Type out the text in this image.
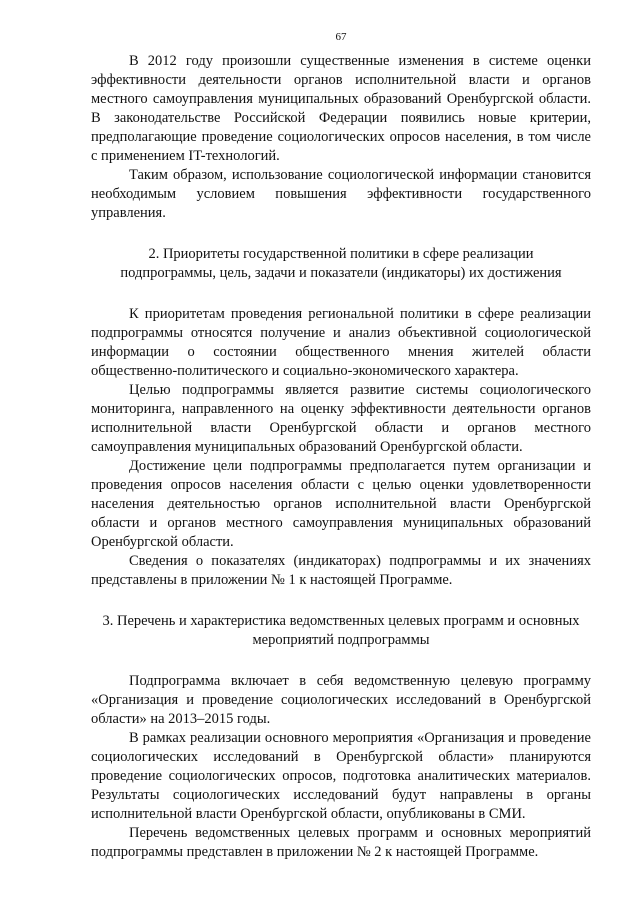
67

В 2012 году произошли существенные изменения в системе оценки эффективности деятельности органов исполнительной власти и органов местного самоуправления муниципальных образований Оренбургской области. В законодательстве Российской Федерации появились новые критерии, предполагающие проведение социологических опросов населения, в том числе с применением IT-технологий.

Таким образом, использование социологической информации становится необходимым условием повышения эффективности государственного управления.

2. Приоритеты государственной политики в сфере реализации подпрограммы, цель, задачи и показатели (индикаторы) их достижения

К приоритетам проведения региональной политики в сфере реализации подпрограммы относятся получение и анализ объективной социологической информации о состоянии общественного мнения жителей области общественно-политического и социально-экономического характера.

Целью подпрограммы является развитие системы социологического мониторинга, направленного на оценку эффективности деятельности органов исполнительной власти Оренбургской области и органов местного самоуправления муниципальных образований Оренбургской области.

Достижение цели подпрограммы предполагается путем организации и проведения опросов населения области с целью оценки удовлетворенности населения деятельностью органов исполнительной власти Оренбургской области и органов местного самоуправления муниципальных образований Оренбургской области.

Сведения о показателях (индикаторах) подпрограммы и их значениях представлены в приложении № 1 к настоящей Программе.

3. Перечень и характеристика ведомственных целевых программ и основных мероприятий подпрограммы

Подпрограмма включает в себя ведомственную целевую программу «Организация и проведение социологических исследований в Оренбургской области» на 2013–2015 годы.

В рамках реализации основного мероприятия «Организация и проведение социологических исследований в Оренбургской области» планируются проведение социологических опросов, подготовка аналитических материалов. Результаты социологических исследований будут направлены в органы исполнительной власти Оренбургской области, опубликованы в СМИ.

Перечень ведомственных целевых программ и основных мероприятий подпрограммы представлен в приложении № 2 к настоящей Программе.
